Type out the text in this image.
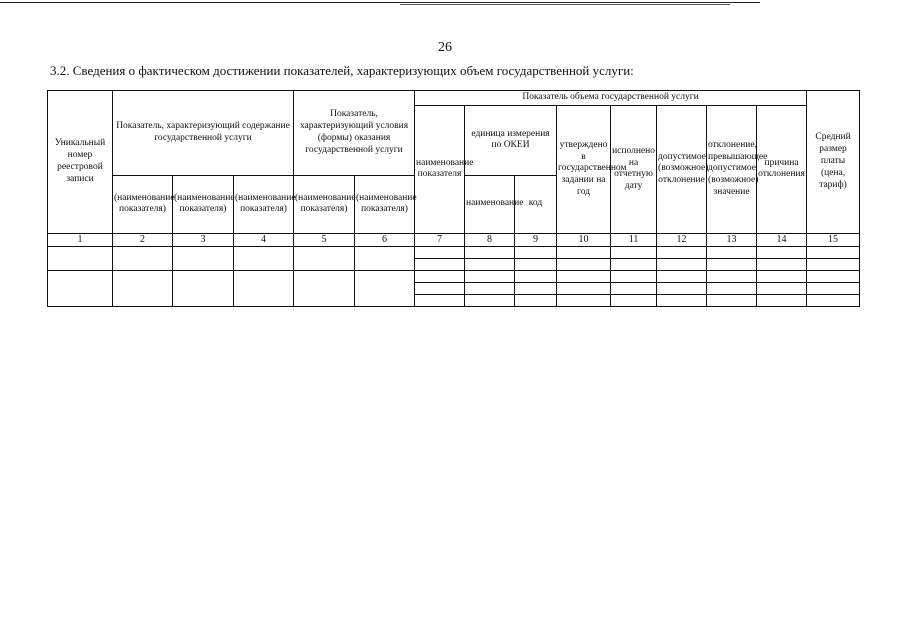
26
3.2. Сведения о фактическом достижении показателей, характеризующих объем государственной услуги:
Уникальный номер реестровой записи	Показатель, характеризующий содержание государственной услуги			Показатель, характеризующий условия (формы) оказания государственной услуги		Показатель объема государственной услуги								Средний размер платы (цена, тариф)
						наименование показателя	единица измерения по ОКЕИ		утверждено в государственном задании на год	исполнено на отчетную дату	допустимое (возможное) отклонение	отклонение, превышающее допустимое (возможное) значение	причина отклонения	
	(наименование показателя)	(наименование показателя)	(наименование показателя)	(наименование показателя)	(наименование показателя)		наименование	код						
1	2	3	4	5	6	7	8	9	10	11	12	13	14	15
